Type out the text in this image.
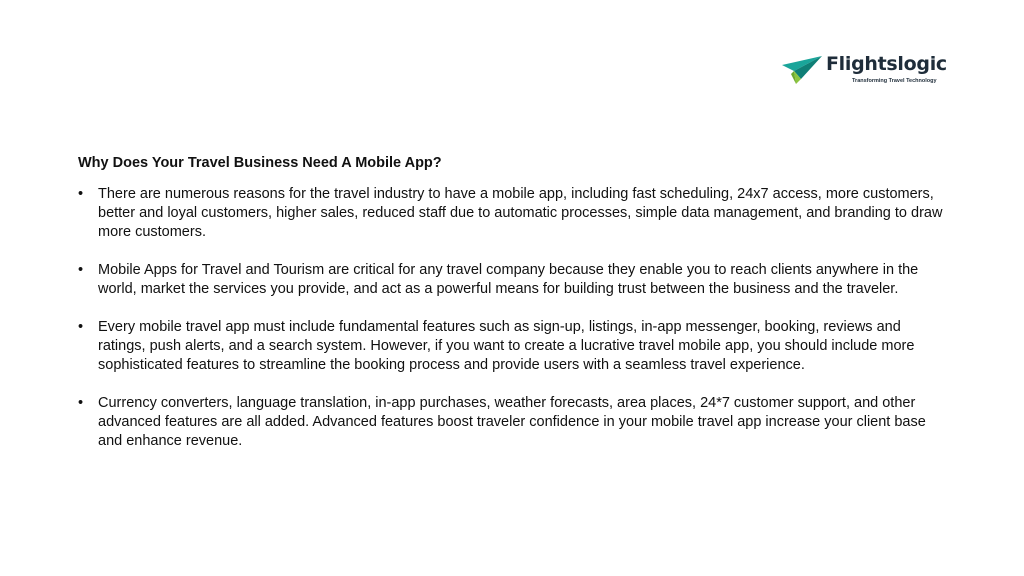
Flightslogic
Transforming Travel Technology
Why Does Your Travel Business Need A Mobile App?
• There are numerous reasons for the travel industry to have a mobile app, including fast scheduling, 24x7 access, more customers, better and loyal customers, higher sales, reduced staff due to automatic processes, simple data management, and branding to draw more customers.
• Mobile Apps for Travel and Tourism are critical for any travel company because they enable you to reach clients anywhere in the world, market the services you provide, and act as a powerful means for building trust between the business and the traveler.
• Every mobile travel app must include fundamental features such as sign-up, listings, in-app messenger, booking, reviews and ratings, push alerts, and a search system. However, if you want to create a lucrative travel mobile app, you should include more sophisticated features to streamline the booking process and provide users with a seamless travel experience.
• Currency converters, language translation, in-app purchases, weather forecasts, area places, 24*7 customer support, and other advanced features are all added. Advanced features boost traveler confidence in your mobile travel app increase your client base and enhance revenue.
